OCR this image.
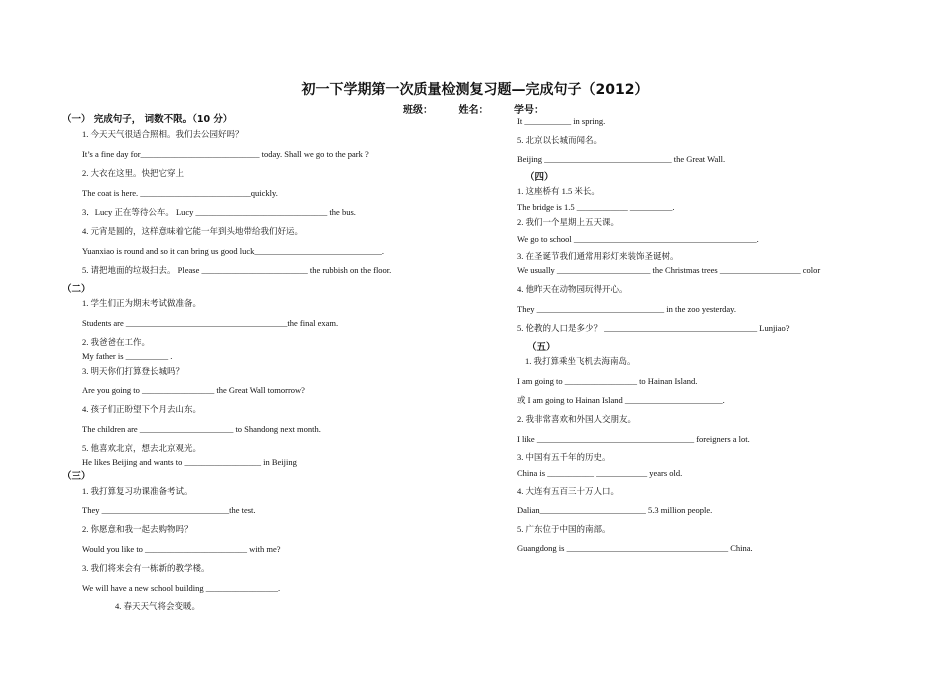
初一下学期第一次质量检测复习题—完成句子（2012）
班级：	姓名：	学号：
（一） 完成句子， 词数不限。（10 分）
1. 今天天气很适合照相。我们去公园好吗？
It’s a fine day for____________________________ today. Shall we go to the park ?
2. 大衣在这里。快把它穿上
The coat is here. __________________________quickly.
3．Lucy 正在等待公车。 Lucy _______________________________ the bus.
4. 元宵是圆的，这样意味着它能一年到头地带给我们好运。
Yuanxiao is round and so it can bring us good luck______________________________.
5. 请把地面的垃圾扫去。 Please _________________________ the rubbish on the floor.
（二）
1. 学生们正为期末考试做准备。
Students are ______________________________________the final exam.
2. 我爸爸在工作。
My father is __________ .
3. 明天你们打算登长城吗？
Are you going to _________________ the Great Wall tomorrow?
4. 孩子们正盼望下个月去山东。
The children are ______________________ to Shandong next month.
5. 他喜欢北京，想去北京观光。
He likes Beijing and wants to __________________ in Beijing
（三）
1. 我打算复习功课准备考试。
They ______________________________the test.
2. 你愿意和我一起去购物吗？
Would you like to ________________________ with me?
3. 我们将来会有一栋新的教学楼。
We will have a new school building _________________.
4. 春天天气将会变暖。
It ___________ in spring.
5. 北京以长城而闻名。
Beijing ______________________________ the Great Wall.
（四）
1. 这座桥有 1.5 米长。
The bridge is 1.5 ____________ __________.
2. 我们一个星期上五天课。
We go to school ___________________________________________.
3. 在圣诞节我们通常用彩灯来装饰圣诞树。
We usually ______________________ the Christmas trees ___________________ color
4. 他昨天在动物园玩得开心。
They ______________________________ in the zoo yesterday.
5. 伦教的人口是多少？ ____________________________________ Lunjiao?
（五）
1. 我打算乘坐飞机去海南岛。
I am going to _________________ to Hainan Island.
或 I am going to Hainan Island _______________________.
2. 我非常喜欢和外国人交朋友。
I like _____________________________________ foreigners a lot.
3. 中国有五千年的历史。
China is ___________ ____________ years old.
4. 大连有五百三十万人口。
Dalian_________________________ 5.3 million people.
5. 广东位于中国的南部。
Guangdong is ______________________________________ China.
